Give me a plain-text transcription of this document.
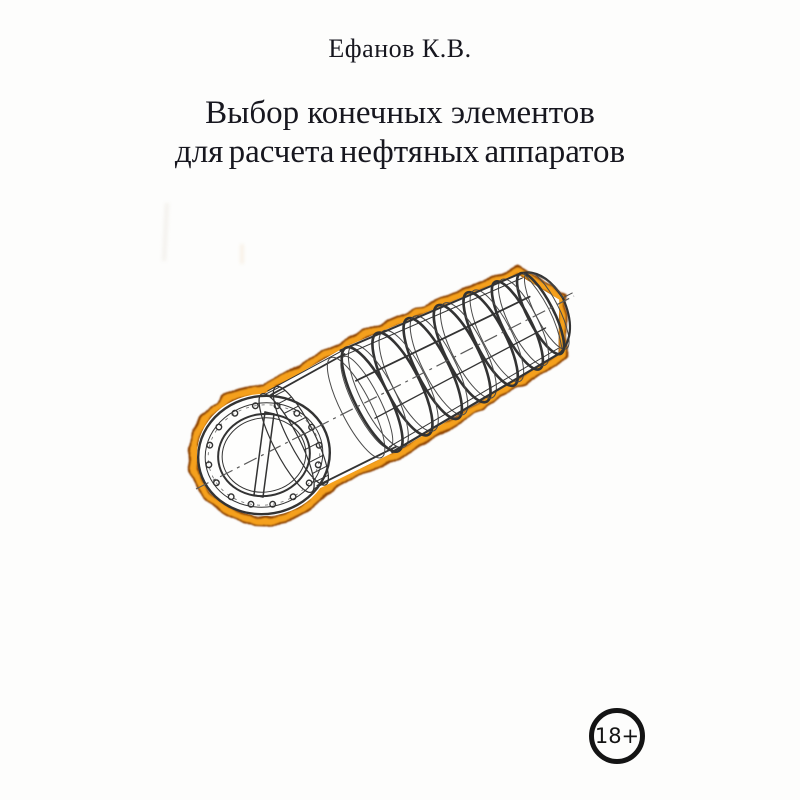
Ефанов К.В.
Выбор конечных элементов
для расчета нефтяных аппаратов
18+
